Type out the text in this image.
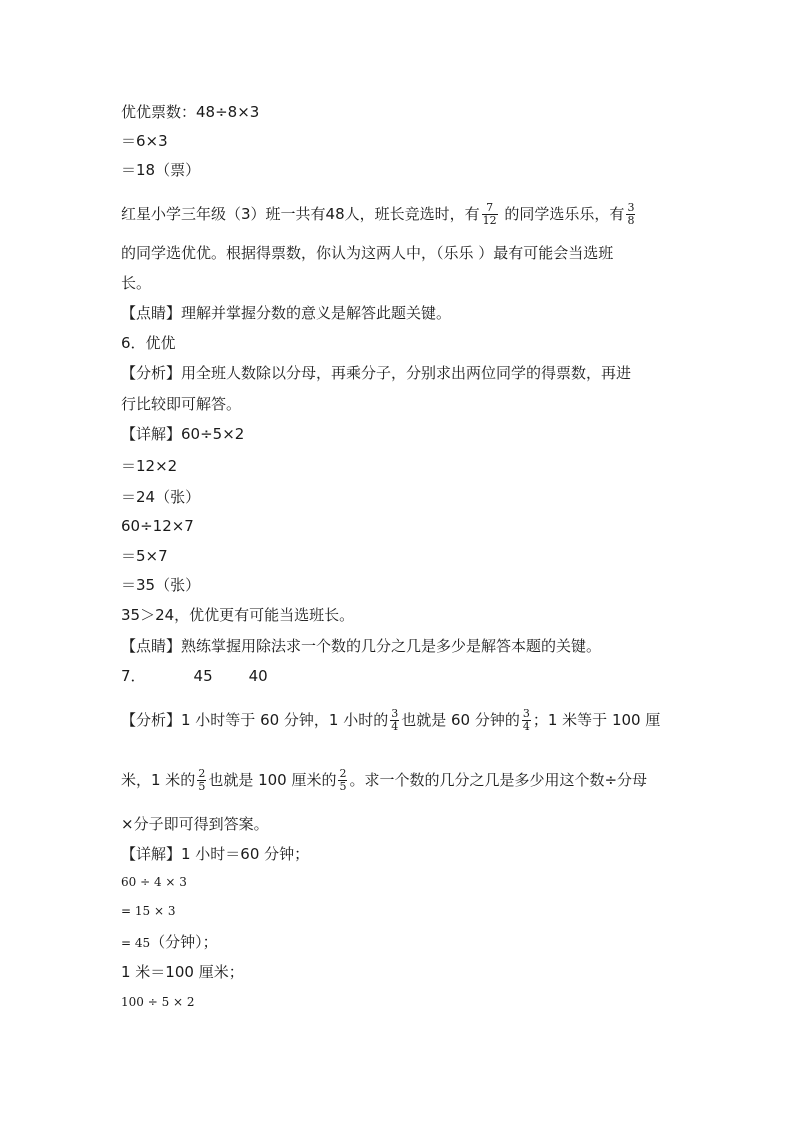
优优票数：48÷8×3
＝6×3
＝18（票）
红星小学三年级（3）班一共有48人，班长竞选时，有 $\frac{7}{12}$ 的同学选乐乐，有 $\frac{3}{8}$
的同学选优优。根据得票数，你认为这两人中，（乐乐 ）最有可能会当选班
长。
【点睛】理解并掌握分数的意义是解答此题关键。
6．优优
【分析】用全班人数除以分母，再乘分子，分别求出两位同学的得票数，再进
行比较即可解答。
【详解】60÷5×2
＝12×2
＝24（张）
60÷12×7
＝5×7
＝35（张）
35＞24，优优更有可能当选班长。
【点睛】熟练掌握用除法求一个数的几分之几是多少是解答本题的关键。
7．	45 40
【分析】1 小时等于 60 分钟，1 小时的 $\frac{3}{4}$ 也就是 60 分钟的 $\frac{3}{4}$ ；1 米等于 100 厘
米，1 米的 $\frac{2}{5}$ 也就是 100 厘米的 $\frac{2}{5}$ 。求一个数的几分之几是多少用这个数÷分母
×分子即可得到答案。
【详解】1 小时＝60 分钟；
60 ÷ 4 × 3
= 15 × 3
= 45（分钟）；
1 米＝100 厘米；
100 ÷ 5 × 2
